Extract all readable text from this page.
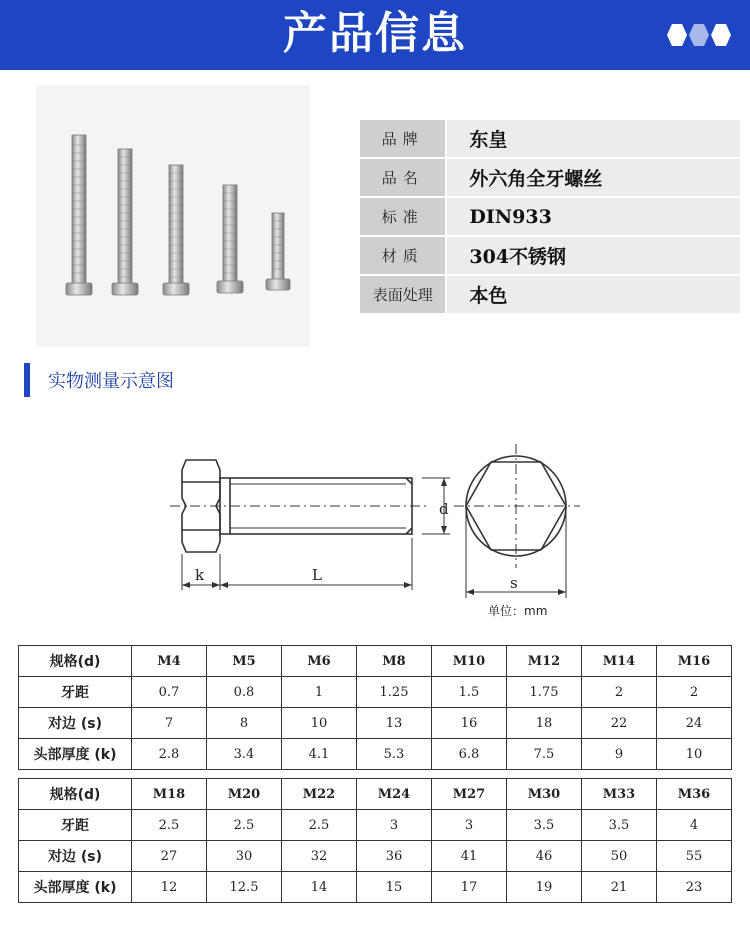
产品信息
品牌	东皇
品名	外六角全牙螺丝
标准	DIN933
材质	304不锈钢
表面处理	本色
实物测量示意图
k	L
d
s
单位：mm
规格(d)	M4	M5	M6	M8	M10	M12	M14	M16
牙距	0.7	0.8	1	1.25	1.5	1.75	2	2
对边 (s)	7	8	10	13	16	18	22	24
头部厚度 (k)	2.8	3.4	4.1	5.3	6.8	7.5	9	10
规格(d)	M18	M20	M22	M24	M27	M30	M33	M36
牙距	2.5	2.5	2.5	3	3	3.5	3.5	4
对边 (s)	27	30	32	36	41	46	50	55
头部厚度 (k)	12	12.5	14	15	17	19	21	23
